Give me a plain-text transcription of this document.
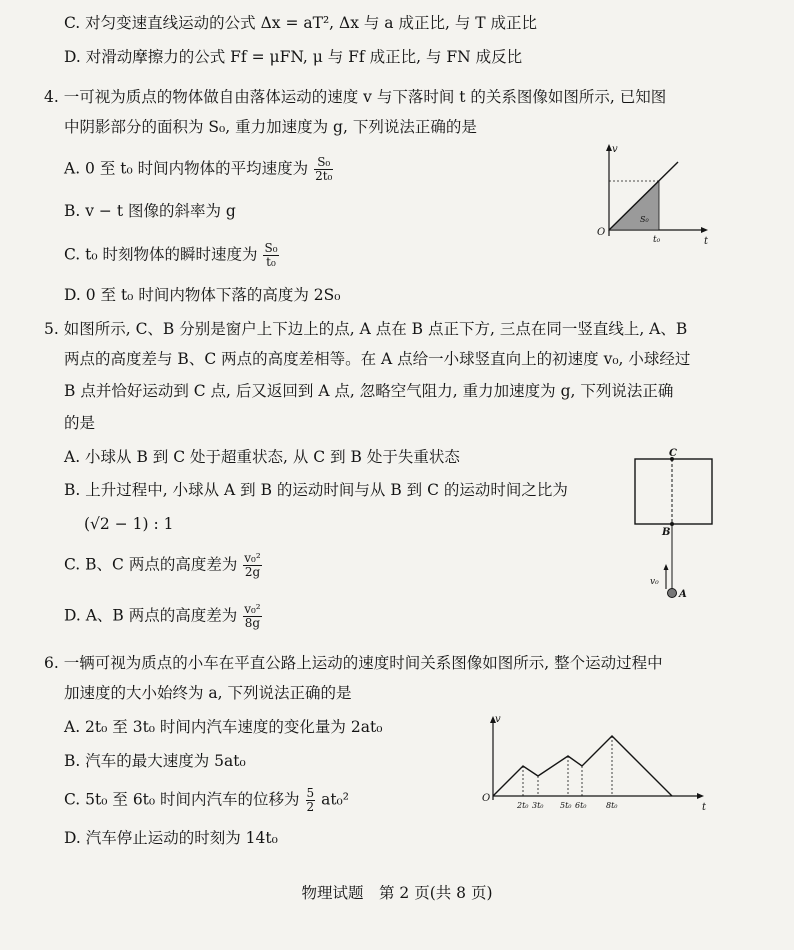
C. 对匀变速直线运动的公式 Δx = aT², Δx 与 a 成正比, 与 T 成正比
D. 对滑动摩擦力的公式 Ff = μFN, μ 与 Ff 成正比, 与 FN 成反比
4. 一可视为质点的物体做自由落体运动的速度 v 与下落时间 t 的关系图像如图所示, 已知图
中阴影部分的面积为 S₀, 重力加速度为 g, 下列说法正确的是
A. 0 至 t₀ 时间内物体的平均速度为 $\frac{\text{S₀}}{\text{2t₀}}$
B. v − t 图像的斜率为 g
C. t₀ 时刻物体的瞬时速度为 $\frac{\text{S₀}}{\text{t₀}}$
D. 0 至 t₀ 时间内物体下落的高度为 2S₀
v
t
O
S₀
t₀
5. 如图所示, C、B 分别是窗户上下边上的点, A 点在 B 点正下方, 三点在同一竖直线上, A、B
两点的高度差与 B、C 两点的高度差相等。在 A 点给一小球竖直向上的初速度 v₀, 小球经过
B 点并恰好运动到 C 点, 后又返回到 A 点, 忽略空气阻力, 重力加速度为 g, 下列说法正确
的是
A. 小球从 B 到 C 处于超重状态, 从 C 到 B 处于失重状态
B. 上升过程中, 小球从 A 到 B 的运动时间与从 B 到 C 的运动时间之比为
(√2 − 1) : 1
C. B、C 两点的高度差为 $\frac{\text{v₀²}}{2g}$
D. A、B 两点的高度差为 $\frac{\text{v₀²}}{8g}$
C
B
A
v₀
6. 一辆可视为质点的小车在平直公路上运动的速度时间关系图像如图所示, 整个运动过程中
加速度的大小始终为 a, 下列说法正确的是
A. 2t₀ 至 3t₀ 时间内汽车速度的变化量为 2at₀
B. 汽车的最大速度为 5at₀
C. 5t₀ 至 6t₀ 时间内汽车的位移为 $\frac{5}{2} at_0^2$
D. 汽车停止运动的时刻为 14t₀
v
t
O
2t₀ 3t₀ 5t₀ 6t₀ 8t₀
物理试题　第 2 页(共 8 页)
